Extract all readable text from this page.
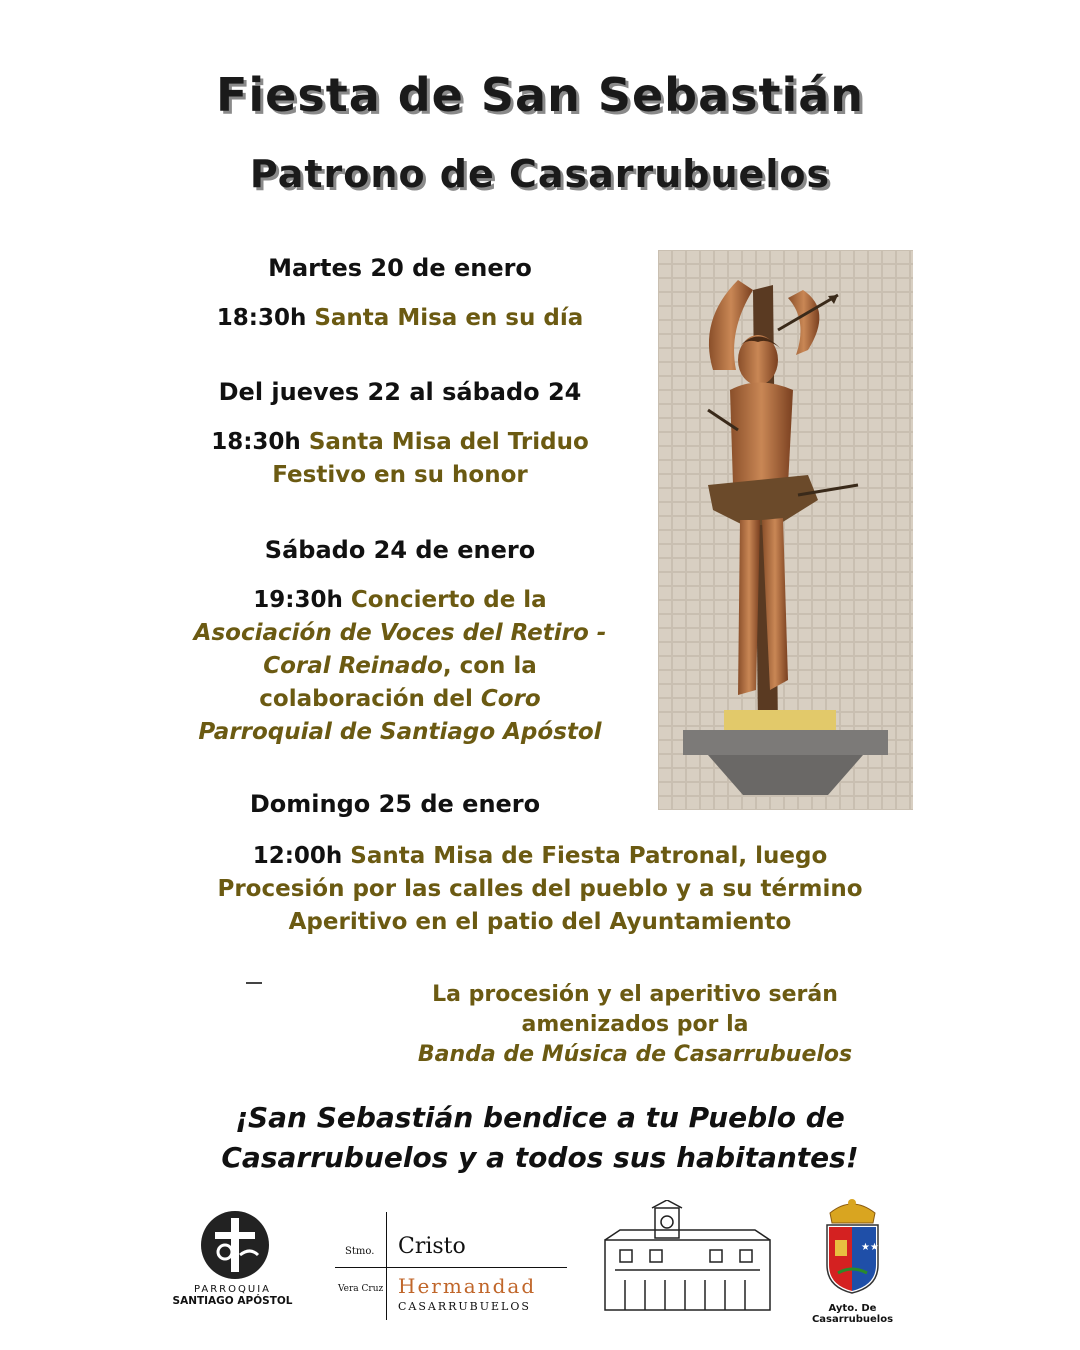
Fiesta de San Sebastián
Patrono de Casarrubuelos
Martes 20 de enero
18:30h Santa Misa en su día
Del jueves 22 al sábado 24
18:30h Santa Misa del Triduo
Festivo en su honor
Sábado 24 de enero
19:30h Concierto de la
Asociación de Voces del Retiro -
Coral Reinado, con la
colaboración del Coro
Parroquial de Santiago Apóstol
Domingo 25 de enero
12:00h Santa Misa de Fiesta Patronal, luego
Procesión por las calles del pueblo y a su término
Aperitivo en el patio del Ayuntamiento
La procesión y el aperitivo serán
amenizados por la
Banda de Música de Casarrubuelos
¡San Sebastián bendice a tu Pueblo de
Casarrubuelos y a todos sus habitantes!
PARROQUIA
SANTIAGO APÓSTOL
Stmo. Cristo
Vera Cruz Hermandad
CASARRUBUELOS
★★
Ayto. De
Casarrubuelos
